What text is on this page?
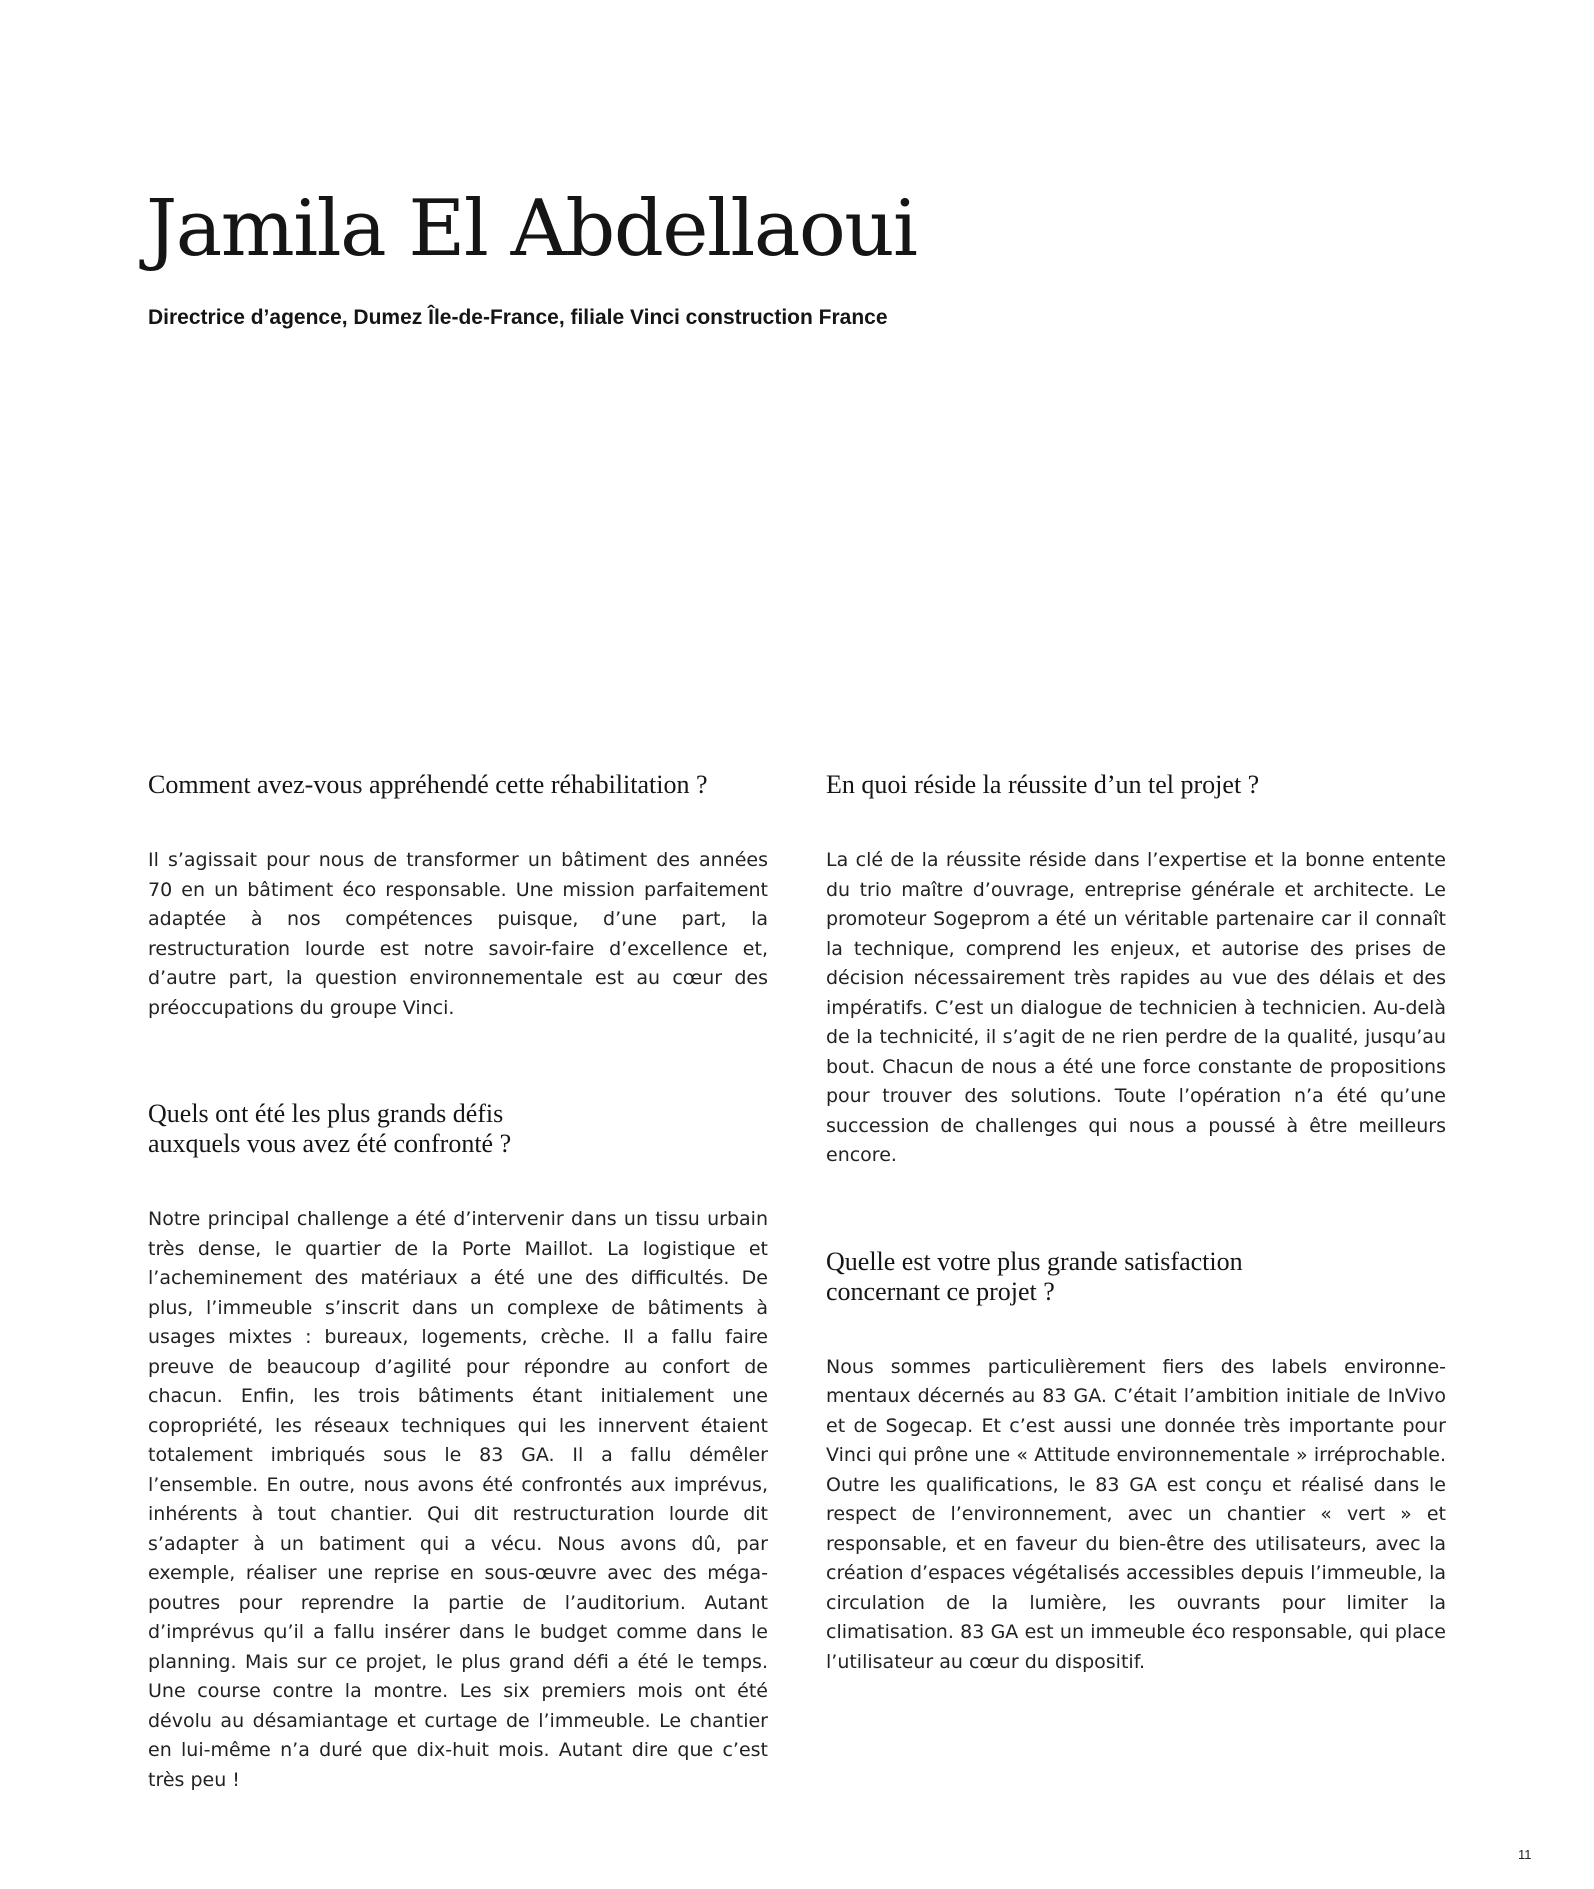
Jamila El Abdellaoui

Directrice d’agence, Dumez Île-de-France, filiale Vinci construction France

Comment avez-vous appréhendé cette réhabilitation ?

Il s’agissait pour nous de transformer un bâtiment des années 70 en un bâtiment éco responsable. Une mission parfaitement adaptée à nos compétences puisque, d’une part, la restructuration lourde est notre savoir-faire d’excellence et, d’autre part, la question environnementale est au cœur des préoccupations du groupe Vinci.

Quels ont été les plus grands défis
auxquels vous avez été confronté ?

Notre principal challenge a été d’intervenir dans un tissu urbain très dense, le quartier de la Porte Maillot. La logistique et l’acheminement des matériaux a été une des difficultés. De plus, l’immeuble s’inscrit dans un complexe de bâtiments à usages mixtes : bureaux, logements, crèche. Il a fallu faire preuve de beaucoup d’agilité pour répondre au confort de chacun. Enfin, les trois bâtiments étant initialement une copropriété, les réseaux techniques qui les innervent étaient totalement imbriqués sous le 83 GA. Il a fallu démêler l’ensemble. En outre, nous avons été confrontés aux imprévus, inhérents à tout chantier. Qui dit restructuration lourde dit s’adapter à un batiment qui a vécu. Nous avons dû, par exemple, réaliser une reprise en sous-œuvre avec des méga-poutres pour reprendre la partie de l’auditorium. Autant d’imprévus qu’il a fallu insérer dans le budget comme dans le planning. Mais sur ce projet, le plus grand défi a été le temps. Une course contre la montre. Les six premiers mois ont été dévolu au désamiantage et curtage de l’immeuble. Le chantier en lui-même n’a duré que dix-huit mois. Autant dire que c’est très peu !

En quoi réside la réussite d’un tel projet ?

La clé de la réussite réside dans l’expertise et la bonne entente du trio maître d’ouvrage, entreprise générale et architecte. Le promoteur Sogeprom a été un véritable partenaire car il connaît la technique, comprend les enjeux, et autorise des prises de décision nécessairement très rapides au vue des délais et des impératifs. C’est un dialogue de technicien à technicien. Au-delà de la technicité, il s’agit de ne rien perdre de la qualité, jusqu’au bout. Chacun de nous a été une force constante de propositions pour trouver des solutions. Toute l’opération n’a été qu’une succession de challenges qui nous a poussé à être meilleurs encore.

Quelle est votre plus grande satisfaction
concernant ce projet ?

Nous sommes particulièrement fiers des labels environnementaux décernés au 83 GA. C’était l’ambition initiale de InVivo et de Sogecap. Et c’est aussi une donnée très importante pour Vinci qui prône une « Attitude environnementale » irréprochable. Outre les qualifications, le 83 GA est conçu et réalisé dans le respect de l’environnement, avec un chantier « vert » et responsable, et en faveur du bien-être des utilisateurs, avec la création d’espaces végétalisés accessibles depuis l’immeuble, la circulation de la lumière, les ouvrants pour limiter la climatisation. 83 GA est un immeuble éco responsable, qui place l’utilisateur au cœur du dispositif.

11
